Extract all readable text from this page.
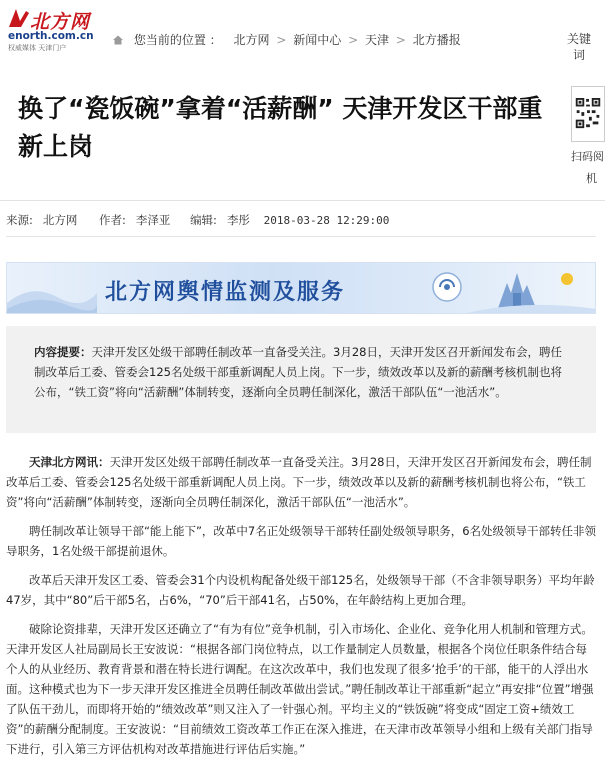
北方网
enorth.com.cn
权威媒体 天津门户
您当前的位置 ： 北方网 > 新闻中心 > 天津 > 北方播报	关键词
换了“瓷饭碗”拿着“活薪酬” 天津开发区干部重新上岗	扫码阅
机
来源: 北方网 作者: 李泽亚 编辑: 李彤 2018-03-28 12:29:00
北方网舆情监测及服务
内容提要：天津开发区处级干部聘任制改革一直备受关注。3月28日，天津开发区召开新闻发布会，聘任制改革后工委、管委会125名处级干部重新调配人员上岗。下一步，绩效改革以及新的薪酬考核机制也将公布，“铁工资”将向“活薪酬”体制转变，逐渐向全员聘任制深化，激活干部队伍“一池活水”。

天津北方网讯：天津开发区处级干部聘任制改革一直备受关注。3月28日，天津开发区召开新闻发布会，聘任制改革后工委、管委会125名处级干部重新调配人员上岗。下一步，绩效改革以及新的薪酬考核机制也将公布，“铁工资”将向“活薪酬”体制转变，逐渐向全员聘任制深化，激活干部队伍“一池活水”。

聘任制改革让领导干部“能上能下”，改革中7名正处级领导干部转任副处级领导职务，6名处级领导干部转任非领导职务，1名处级干部提前退休。

改革后天津开发区工委、管委会31个内设机构配备处级干部125名，处级领导干部（不含非领导职务）平均年龄47岁，其中“80”后干部5名，占6%，“70”后干部41名，占50%，在年龄结构上更加合理。

破除论资排辈，天津开发区还确立了“有为有位”竞争机制，引入市场化、企业化、竞争化用人机制和管理方式。天津开发区人社局副局长王安波说：“根据各部门岗位特点，以工作量制定人员数量，根据各个岗位任职条件结合每个人的从业经历、教育背景和潜在特长进行调配。在这次改革中，我们也发现了很多‘抢手’的干部，能干的人浮出水面。这种模式也为下一步天津开发区推进全员聘任制改革做出尝试。”聘任制改革让干部重新“起立”再安排“位置”增强了队伍干劲儿，而即将开始的“绩效改革”则又注入了一针强心剂。平均主义的“铁饭碗”将变成“固定工资+绩效工资”的薪酬分配制度。王安波说：“目前绩效工资改革工作正在深入推进，在天津市改革领导小组和上级有关部门指导下进行，引入第三方评估机构对改革措施进行评估后实施。”
